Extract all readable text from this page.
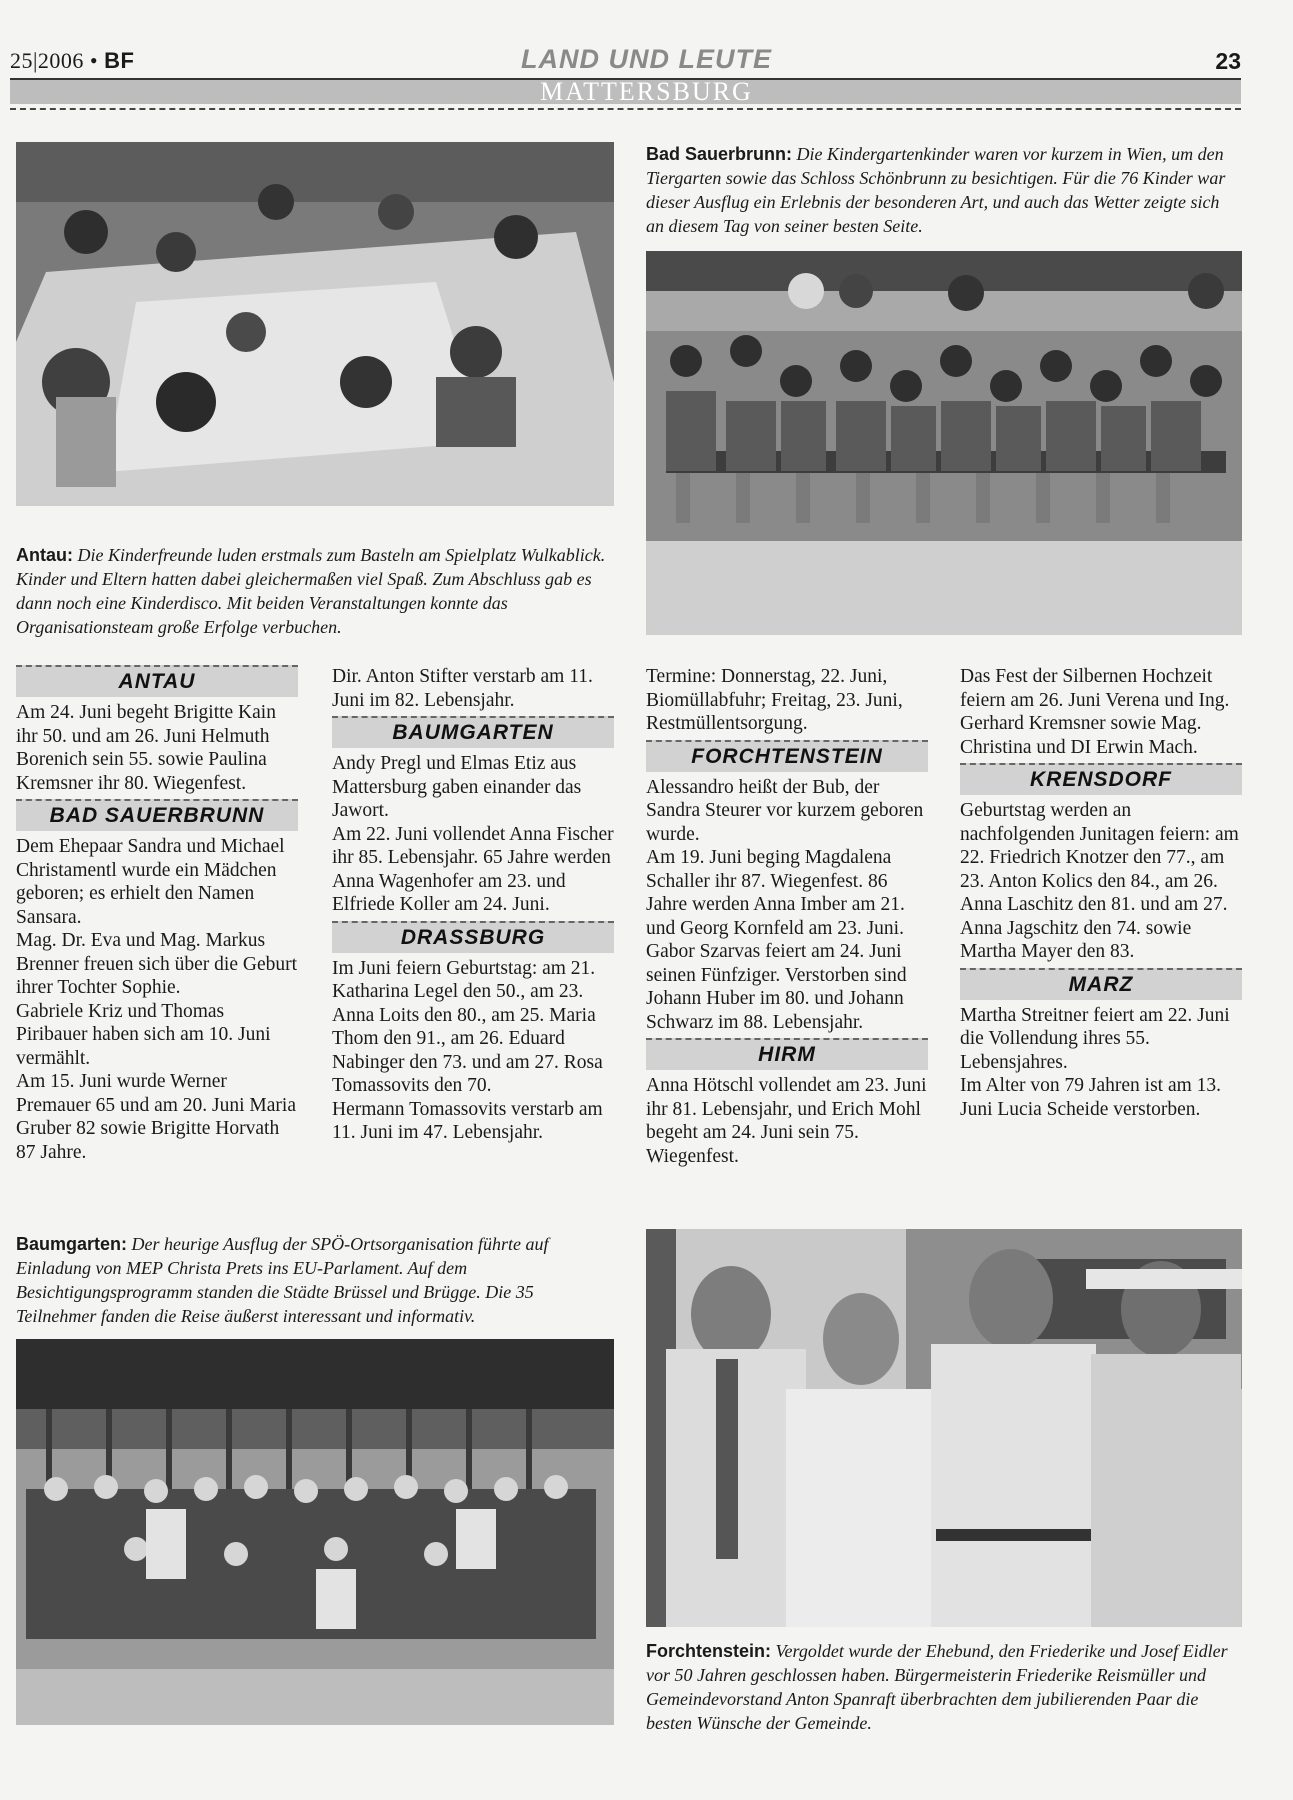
25|2006 • BF	LAND UND LEUTE	23
MATTERSBURG
Bad Sauerbrunn: Die Kindergartenkinder waren vor kurzem in Wien, um den Tiergarten sowie das Schloss Schönbrunn zu besichtigen. Für die 76 Kinder war dieser Ausflug ein Erlebnis der besonderen Art, und auch das Wetter zeigte sich an diesem Tag von seiner besten Seite.
Antau: Die Kinderfreunde luden erstmals zum Basteln am Spielplatz Wulkablick. Kinder und Eltern hatten dabei gleichermaßen viel Spaß. Zum Abschluss gab es dann noch eine Kinderdisco. Mit beiden Veranstaltungen konnte das Organisationsteam große Erfolge verbuchen.
ANTAU

Am 24. Juni begeht Brigitte Kain ihr 50. und am 26. Juni Helmuth Borenich sein 55. sowie Paulina Kremsner ihr 80. Wiegenfest.

BAD SAUERBRUNN

Dem Ehepaar Sandra und Michael Christamentl wurde ein Mädchen geboren; es erhielt den Namen Sansara.

Mag. Dr. Eva und Mag. Markus Brenner freuen sich über die Geburt ihrer Tochter Sophie.

Gabriele Kriz und Thomas Piribauer haben sich am 10. Juni vermählt.

Am 15. Juni wurde Werner Premauer 65 und am 20. Juni Maria Gruber 82 sowie Brigitte Horvath 87 Jahre.

Dir. Anton Stifter verstarb am 11. Juni im 82. Lebensjahr.

BAUMGARTEN

Andy Pregl und Elmas Etiz aus Mattersburg gaben einander das Jawort.

Am 22. Juni vollendet Anna Fischer ihr 85. Lebensjahr. 65 Jahre werden Anna Wagenhofer am 23. und Elfriede Koller am 24. Juni.

DRASSBURG

Im Juni feiern Geburtstag: am 21. Katharina Legel den 50., am 23. Anna Loits den 80., am 25. Maria Thom den 91., am 26. Eduard Nabinger den 73. und am 27. Rosa Tomassovits den 70.

Hermann Tomassovits verstarb am 11. Juni im 47. Lebensjahr.

Termine: Donnerstag, 22. Juni, Biomüllabfuhr; Freitag, 23. Juni, Restmüllentsorgung.

FORCHTENSTEIN

Alessandro heißt der Bub, der Sandra Steurer vor kurzem geboren wurde.

Am 19. Juni beging Magdalena Schaller ihr 87. Wiegenfest. 86 Jahre werden Anna Imber am 21. und Georg Kornfeld am 23. Juni. Gabor Szarvas feiert am 24. Juni seinen Fünfziger. Verstorben sind Johann Huber im 80. und Johann Schwarz im 88. Lebensjahr.

HIRM

Anna Hötschl vollendet am 23. Juni ihr 81. Lebensjahr, und Erich Mohl begeht am 24. Juni sein 75. Wiegenfest.

Das Fest der Silbernen Hochzeit feiern am 26. Juni Verena und Ing. Gerhard Kremsner sowie Mag. Christina und DI Erwin Mach.

KRENSDORF

Geburtstag werden an nachfolgenden Junitagen feiern: am 22. Friedrich Knotzer den 77., am 23. Anton Kolics den 84., am 26. Anna Laschitz den 81. und am 27. Anna Jagschitz den 74. sowie Martha Mayer den 83.

MARZ

Martha Streitner feiert am 22. Juni die Vollendung ihres 55. Lebensjahres.

Im Alter von 79 Jahren ist am 13. Juni Lucia Scheide verstorben.

Baumgarten: Der heurige Ausflug der SPÖ-Ortsorganisation führte auf Einladung von MEP Christa Prets ins EU-Parlament. Auf dem Besichtigungsprogramm standen die Städte Brüssel und Brügge. Die 35 Teilnehmer fanden die Reise äußerst interessant und informativ.
Forchtenstein: Vergoldet wurde der Ehebund, den Friederike und Josef Eidler vor 50 Jahren geschlossen haben. Bürgermeisterin Friederike Reismüller und Gemeindevorstand Anton Spanraft überbrachten dem jubilierenden Paar die besten Wünsche der Gemeinde.
